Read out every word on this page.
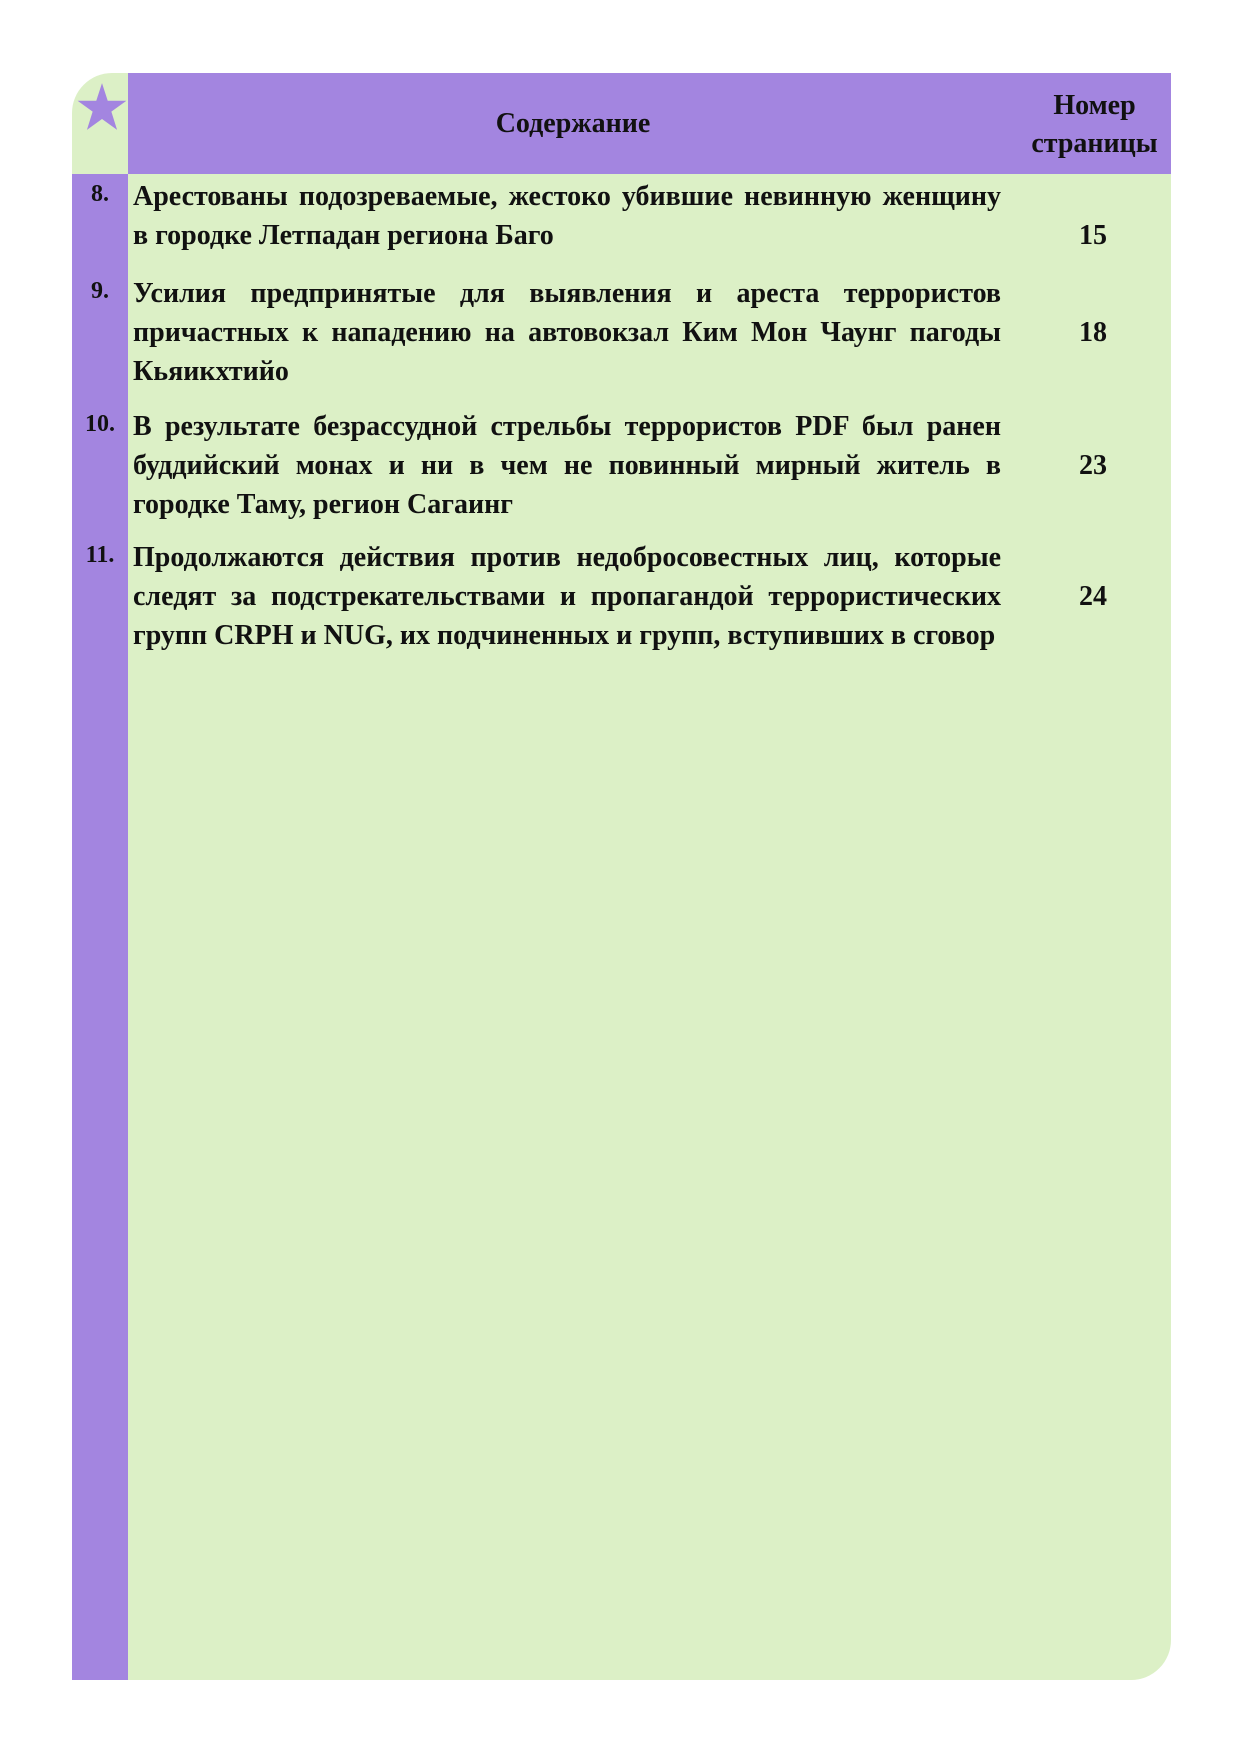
Содержание
Номер
страницы
8. Арестованы подозреваемые, жестоко убившие невинную женщину в городке Летпадан региона Баго	15
9. Усилия предпринятые для выявления и ареста террористов причастных к нападению на автовокзал Ким Мон Чаунг пагоды Кьяикхтийо
18
10. В результате безрассудной стрельбы террористов PDF был ранен буддийский монах и ни в чем не повинный мирный житель в городке Таму, регион Сагаинг
23
11. Продолжаются действия против недобросовестных лиц, которые следят за подстрекательствами и пропагандой террористических групп CRPH и NUG, их подчиненных и групп, вступивших в сговор
24
